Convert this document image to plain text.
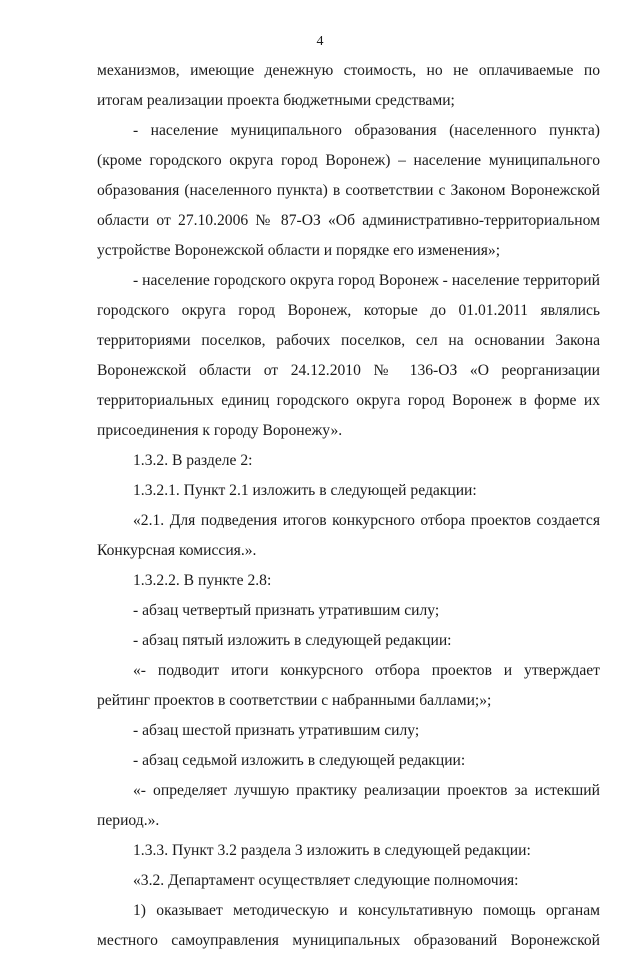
4

механизмов, имеющие денежную стоимость, но не оплачиваемые по итогам реализации проекта бюджетными средствами;

- население муниципального образования (населенного пункта) (кроме городского округа город Воронеж) – население муниципального образования (населенного пункта) в соответствии с Законом Воронежской области от 27.10.2006 № 87-ОЗ «Об административно-территориальном устройстве Воронежской области и порядке его изменения»;

- население городского округа город Воронеж - население территорий городского округа город Воронеж, которые до 01.01.2011 являлись территориями поселков, рабочих поселков, сел на основании Закона Воронежской области от 24.12.2010 № 136-ОЗ «О реорганизации территориальных единиц городского округа город Воронеж в форме их присоединения к городу Воронежу».

1.3.2. В разделе 2:

1.3.2.1. Пункт 2.1 изложить в следующей редакции:

«2.1. Для подведения итогов конкурсного отбора проектов создается Конкурсная комиссия.».

1.3.2.2. В пункте 2.8:

- абзац четвертый признать утратившим силу;

- абзац пятый изложить в следующей редакции:

«- подводит итоги конкурсного отбора проектов и утверждает рейтинг проектов в соответствии с набранными баллами;»;

- абзац шестой признать утратившим силу;

- абзац седьмой изложить в следующей редакции:

«- определяет лучшую практику реализации проектов за истекший период.».

1.3.3. Пункт 3.2 раздела 3 изложить в следующей редакции:

«3.2. Департамент осуществляет следующие полномочия:

1) оказывает методическую и консультативную помощь органам местного самоуправления муниципальных образований Воронежской
